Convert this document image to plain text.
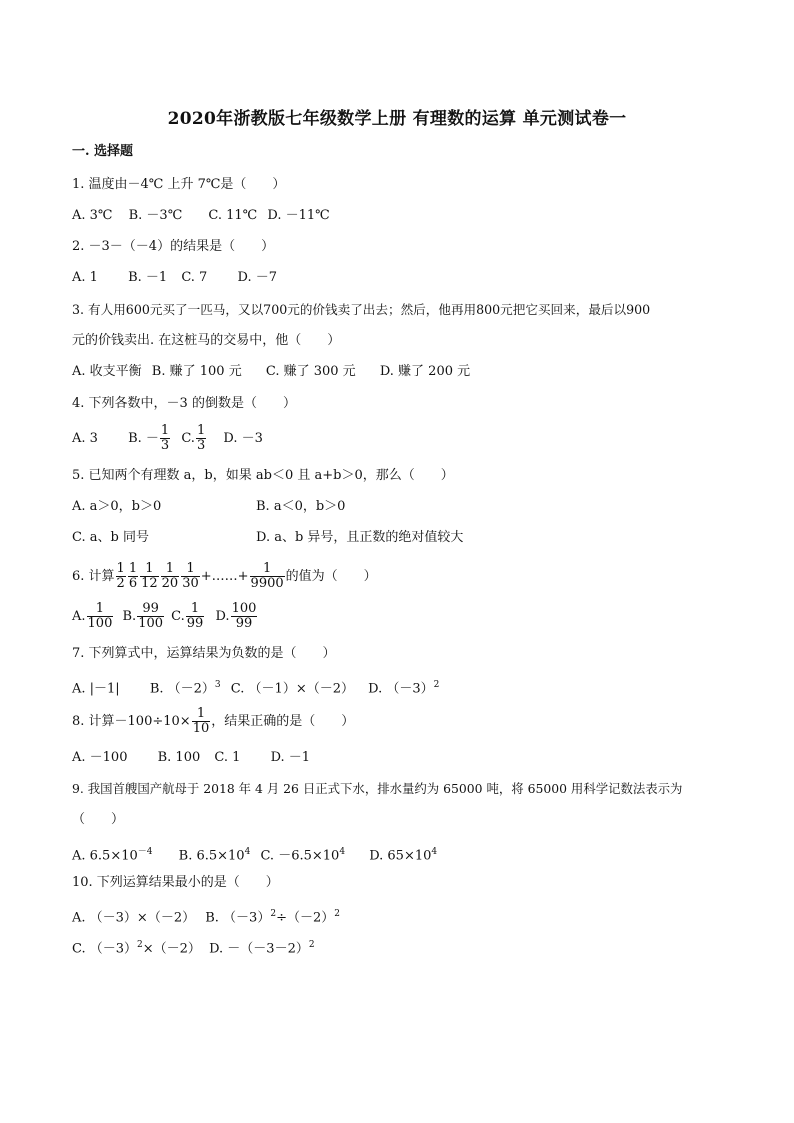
2020年浙教版七年级数学上册 有理数的运算 单元测试卷一
一. 选择题
1. 温度由－4℃ 上升 7℃是（　　）
A. 3℃ B. －3℃ C. 11℃ D. －11℃
2. －3－（－4）的结果是（　　）
A. 1 B. －1 C. 7 D. －7
3. 有人用600元买了一匹马，又以700元的价钱卖了出去；然后，他再用800元把它买回来，最后以900
元的价钱卖出. 在这桩马的交易中，他（　　）
A. 收支平衡 B. 赚了 100 元 C. 赚了 300 元 D. 赚了 200 元
4. 下列各数中，－3 的倒数是（　　）
A. 3 B. － $\frac{1}{3} C$. $\frac{1}{3} D$. －3
5. 已知两个有理数 a，b，如果 ab＜0 且 a+b＞0，那么（　　）
A. a＞0，b＞0	B. a＜0，b＞0
C. a、b 同号	D. a、b 异号，且正数的绝对值较大
6. 计算 $\frac{1}{2} \frac{1}{6} \frac{1}{12} \frac{1}{20} \frac{1}{30}$ +……+ $\frac{1}{9900}$ 的值为（　　）
A. $\frac{1}{100} B$. $\frac{99}{100} C$. $\frac{1}{99} D$. $\frac{100}{99}$
7. 下列算式中，运算结果为负数的是（　　）
A. |－1| B. $(-2)^3$ C. （－1）×（－2） D. $(-3)^2$
8. 计算$-100\div 10\times \frac{1}{10}$ ，结果正确的是（　　）
A. －100 B. 100 C. 1 D. －1
9. 我国首艘国产航母于 2018 年 4 月 26 日正式下水，排水量约为 65000 吨，将 65000 用科学记数法表示为
（　　）
A. $6.5\times 10^{-4}$ B. $6.5\times 10^4$ C. $-6.5\times 10^4$ D. $65\times 10^4$
10. 下列运算结果最小的是（　　）
A. （－3）×（－2） B. $(-3)^2\div(-2)^2$
C. $(-3)^2\times(-2)$ D. $-(-3-2)^2$
